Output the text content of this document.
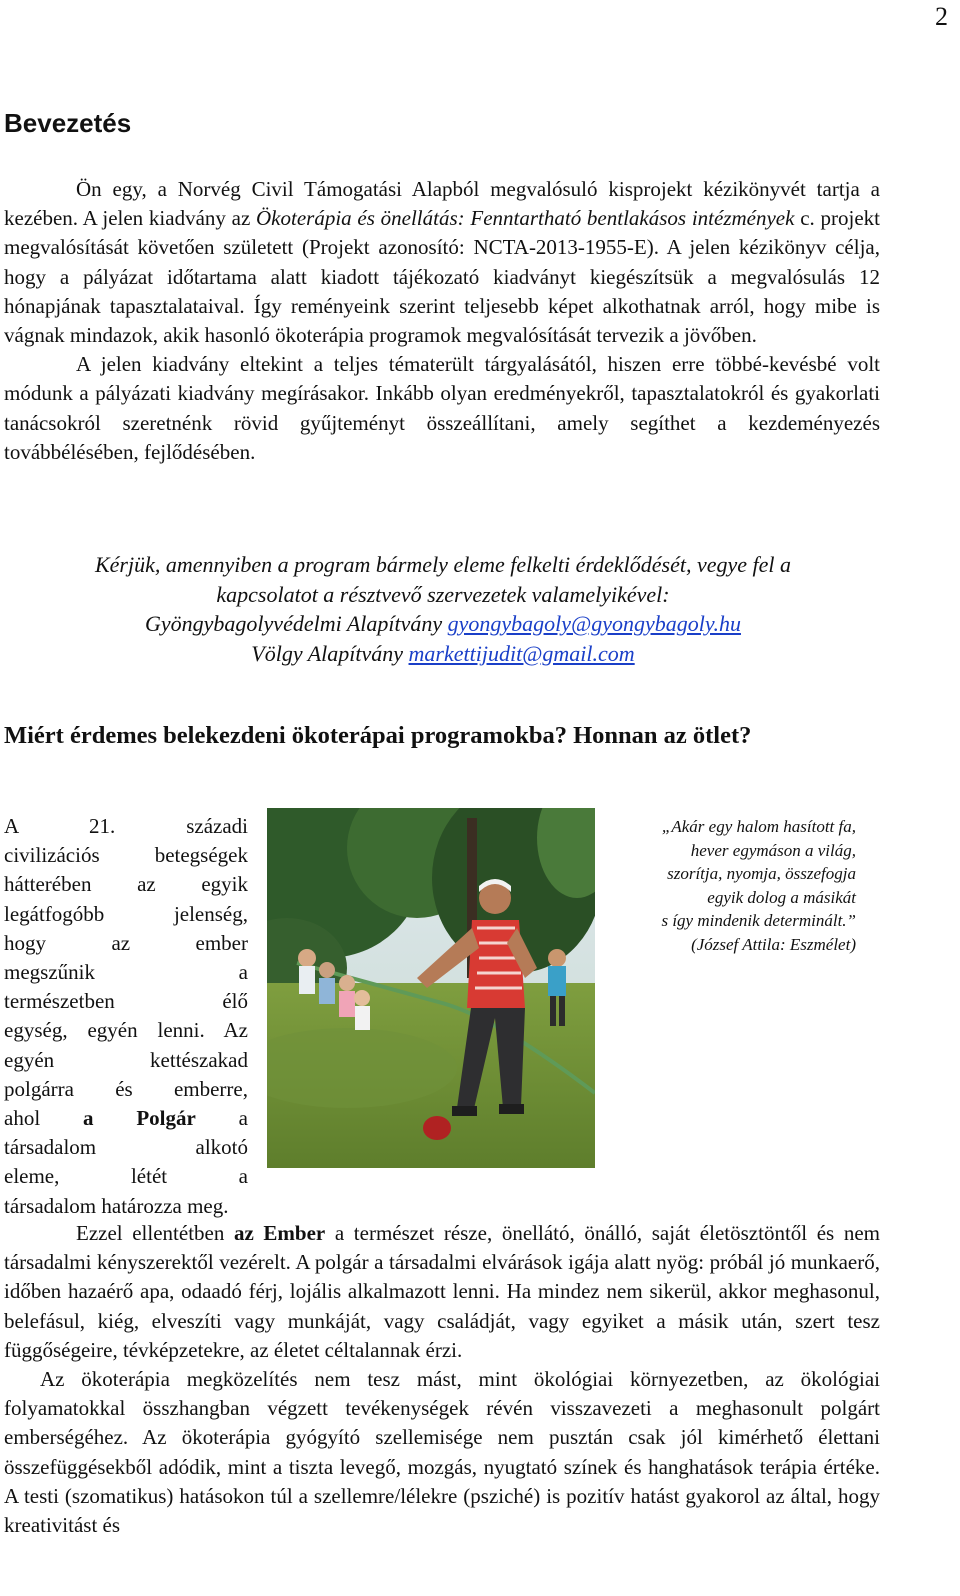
2
Bevezetés

Ön egy, a Norvég Civil Támogatási Alapból megvalósuló kisprojekt kézikönyvét tartja a kezében. A jelen kiadvány az Ökoterápia és önellátás: Fenntartható bentlakásos intézmények c. projekt megvalósítását követően született (Projekt azonosító: NCTA-2013-1955-E). A jelen kézikönyv célja, hogy a pályázat időtartama alatt kiadott tájékozató kiadványt kiegészítsük a megvalósulás 12 hónapjának tapasztalataival. Így reményeink szerint teljesebb képet alkothatnak arról, hogy mibe is vágnak mindazok, akik hasonló ökoterápia programok megvalósítását tervezik a jövőben.

A jelen kiadvány eltekint a teljes tématerült tárgyalásától, hiszen erre többé-kevésbé volt módunk a pályázati kiadvány megírásakor. Inkább olyan eredményekről, tapasztalatokról és gyakorlati tanácsokról szeretnénk rövid gyűjteményt összeállítani, amely segíthet a kezdeményezés továbbélésében, fejlődésében.

Kérjük, amennyiben a program bármely eleme felkelti érdeklődését, vegye fel a
kapcsolatot a résztvevő szervezetek valamelyikével:
Gyöngybagolyvédelmi Alapítvány gyongybagoly@gyongybagoly.hu
Völgy Alapítvány markettijudit@gmail.com
Miért érdemes belekezdeni ökoterápai programokba? Honnan az ötlet?
A 21. századi
civilizációs betegségek
hátterében az egyik
legátfogóbb jelenség,
hogy az ember
megszűnik a
természetben élő
egység, egyén lenni. Az
egyén kettészakad
polgárra és emberre,
ahol a Polgár a
társadalom alkotó
eleme, létét a
társadalom határozza meg.
„Akár egy halom hasított fa,
hever egymáson a világ,
szorítja, nyomja, összefogja
egyik dolog a másikát
s így mindenik determinált.”
(József Attila: Eszmélet)

Ezzel ellentétben az Ember a természet része, önellátó, önálló, saját életösztöntől és nem társadalmi kényszerektől vezérelt. A polgár a társadalmi elvárások igája alatt nyög: próbál jó munkaerő, időben hazaérő apa, odaadó férj, lojális alkalmazott lenni. Ha mindez nem sikerül, akkor meghasonul, belefásul, kiég, elveszíti vagy munkáját, vagy családját, vagy egyiket a másik után, szert tesz függőségeire, tévképzetekre, az életet céltalannak érzi.

Az ökoterápia megközelítés nem tesz mást, mint ökológiai környezetben, az ökológiai folyamatokkal összhangban végzett tevékenységek révén visszavezeti a meghasonult polgárt emberségéhez. Az ökoterápia gyógyító szellemisége nem pusztán csak jól kimérhető élettani összefüggésekből adódik, mint a tiszta levegő, mozgás, nyugtató színek és hanghatások terápia értéke. A testi (szomatikus) hatásokon túl a szellemre/lélekre (psziché) is pozitív hatást gyakorol az által, hogy kreativitást és
